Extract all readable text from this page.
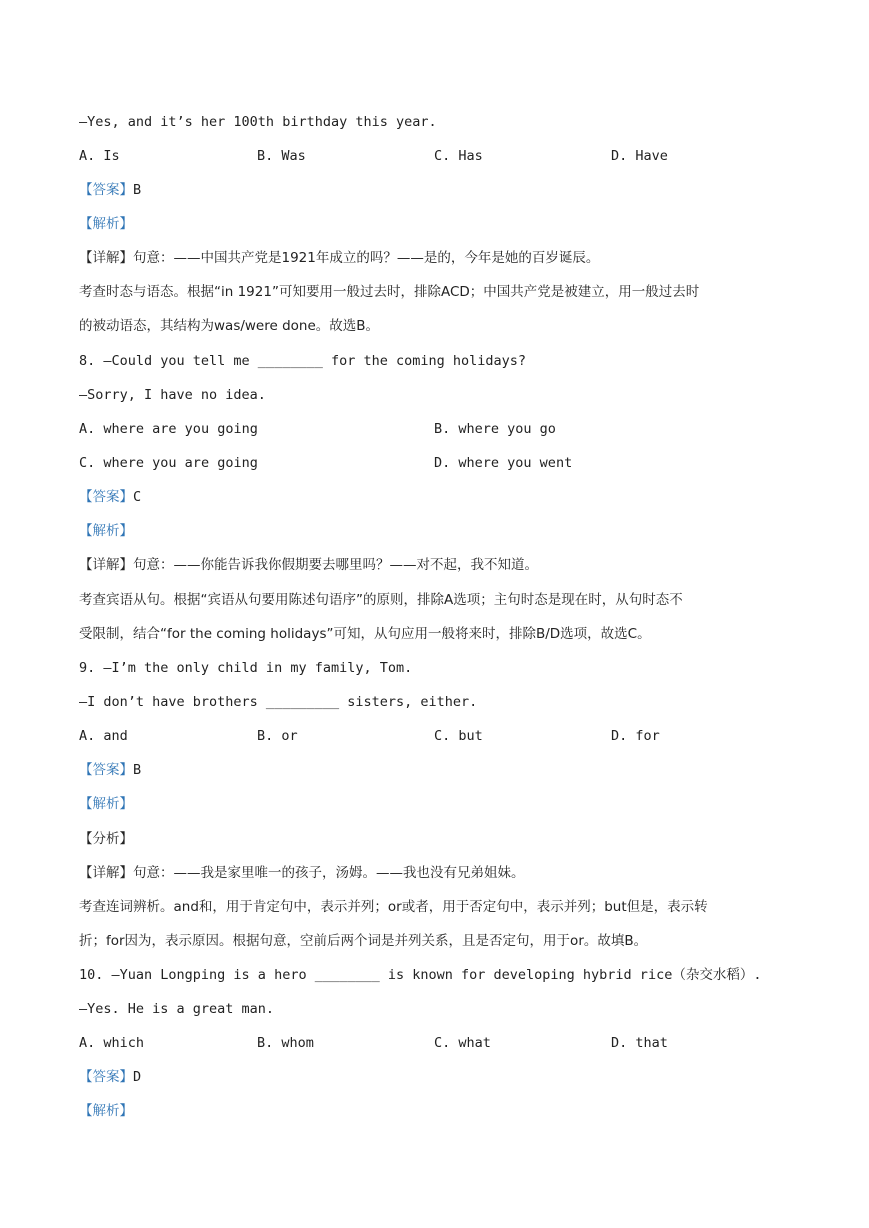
—Yes, and it’s her 100th birthday this year.
A. Is	B. Was	C. Has	D. Have
【答案】B
【解析】
【详解】句意：——中国共产党是1921年成立的吗？——是的，今年是她的百岁诞辰。
考查时态与语态。根据“in 1921”可知要用一般过去时，排除ACD；中国共产党是被建立，用一般过去时
的被动语态，其结构为was/were done。故选B。
8. —Could you tell me ________ for the coming holidays?
—Sorry, I have no idea.
A. where are you going	B. where you go
C. where you are going	D. where you went
【答案】C
【解析】
【详解】句意：——你能告诉我你假期要去哪里吗？——对不起，我不知道。
考查宾语从句。根据“宾语从句要用陈述句语序”的原则，排除A选项；主句时态是现在时，从句时态不
受限制，结合“for the coming holidays”可知，从句应用一般将来时，排除B/D选项，故选C。
9. —I’m the only child in my family, Tom.
—I don’t have brothers _________ sisters, either.
A. and	B. or	C. but	D. for
【答案】B
【解析】
【分析】
【详解】句意：——我是家里唯一的孩子，汤姆。——我也没有兄弟姐妹。
考查连词辨析。and和，用于肯定句中，表示并列；or或者，用于否定句中，表示并列；but但是，表示转
折；for因为，表示原因。根据句意，空前后两个词是并列关系，且是否定句，用于or。故填B。
10. —Yuan Longping is a hero ________ is known for developing hybrid rice（杂交水稻）.
—Yes. He is a great man.
A. which	B. whom	C. what	D. that
【答案】D
【解析】
